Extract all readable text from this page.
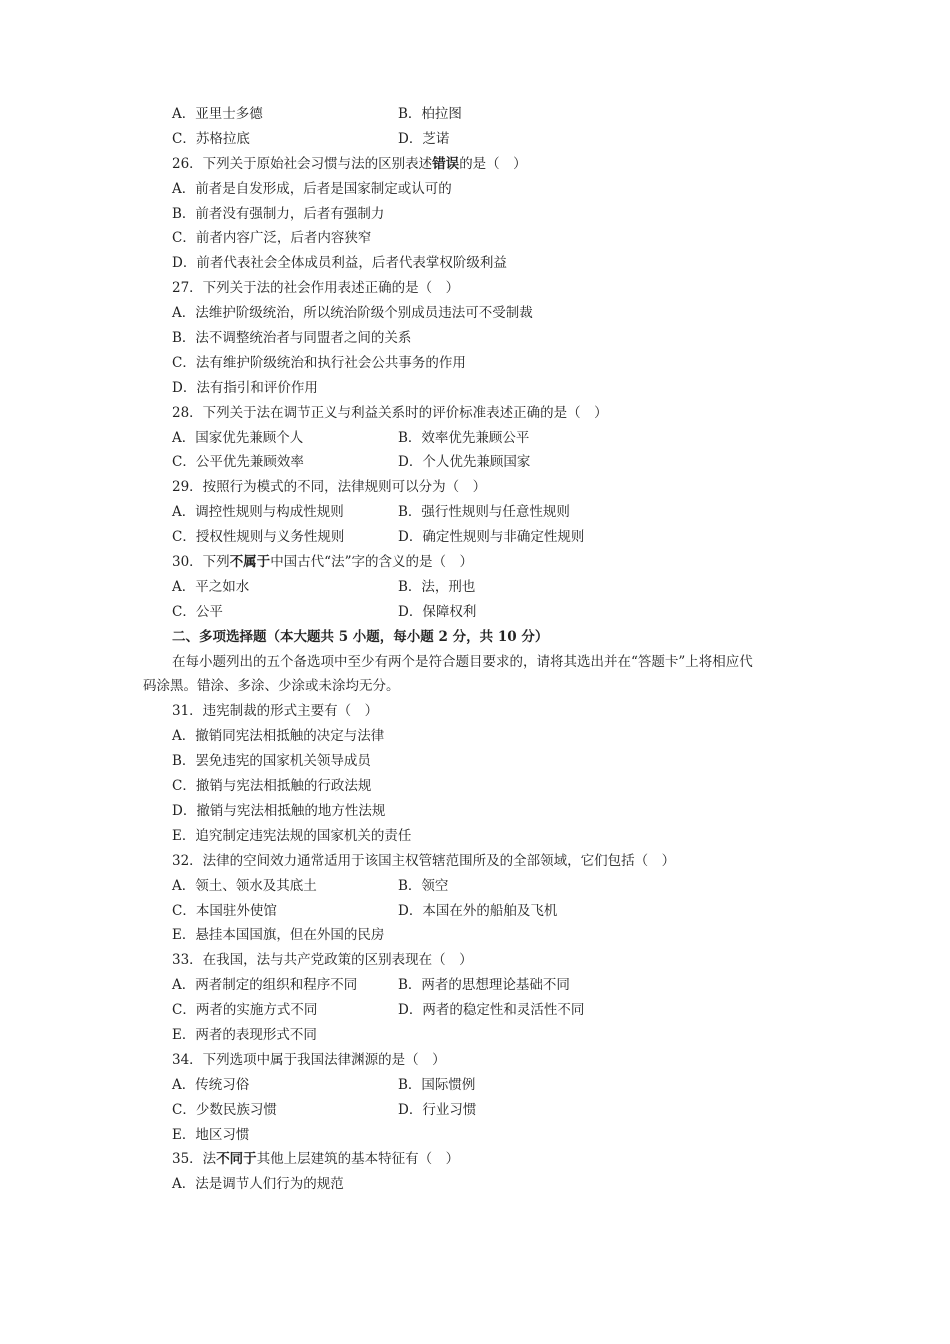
A．亚里士多德	B．柏拉图
C．苏格拉底	D．芝诺
26．下列关于原始社会习惯与法的区别表述错误的是（　）
A．前者是自发形成，后者是国家制定或认可的
B．前者没有强制力，后者有强制力
C．前者内容广泛，后者内容狭窄
D．前者代表社会全体成员利益，后者代表掌权阶级利益
27．下列关于法的社会作用表述正确的是（　）
A．法维护阶级统治，所以统治阶级个别成员违法可不受制裁
B．法不调整统治者与同盟者之间的关系
C．法有维护阶级统治和执行社会公共事务的作用
D．法有指引和评价作用
28．下列关于法在调节正义与利益关系时的评价标准表述正确的是（　）
A．国家优先兼顾个人	B．效率优先兼顾公平
C．公平优先兼顾效率	D．个人优先兼顾国家
29．按照行为模式的不同，法律规则可以分为（　）
A．调控性规则与构成性规则	B．强行性规则与任意性规则
C．授权性规则与义务性规则	D．确定性规则与非确定性规则
30．下列不属于中国古代“法”字的含义的是（　）
A．平之如水	B．法，刑也
C．公平	D．保障权利
二、多项选择题（本大题共 5 小题，每小题 2 分，共 10 分）
在每小题列出的五个备选项中至少有两个是符合题目要求的，请将其选出并在“答题卡”上将相应代
码涂黑。错涂、多涂、少涂或未涂均无分。
31．违宪制裁的形式主要有（　）
A．撤销同宪法相抵触的决定与法律
B．罢免违宪的国家机关领导成员
C．撤销与宪法相抵触的行政法规
D．撤销与宪法相抵触的地方性法规
E．追究制定违宪法规的国家机关的责任
32．法律的空间效力通常适用于该国主权管辖范围所及的全部领域，它们包括（　）
A．领土、领水及其底土	B．领空
C．本国驻外使馆	D．本国在外的船舶及飞机
E．悬挂本国国旗，但在外国的民房
33．在我国，法与共产党政策的区别表现在（　）
A．两者制定的组织和程序不同	B．两者的思想理论基础不同
C．两者的实施方式不同	D．两者的稳定性和灵活性不同
E．两者的表现形式不同
34．下列选项中属于我国法律渊源的是（　）
A．传统习俗	B．国际惯例
C．少数民族习惯	D．行业习惯
E．地区习惯
35．法不同于其他上层建筑的基本特征有（　）
A．法是调节人们行为的规范
